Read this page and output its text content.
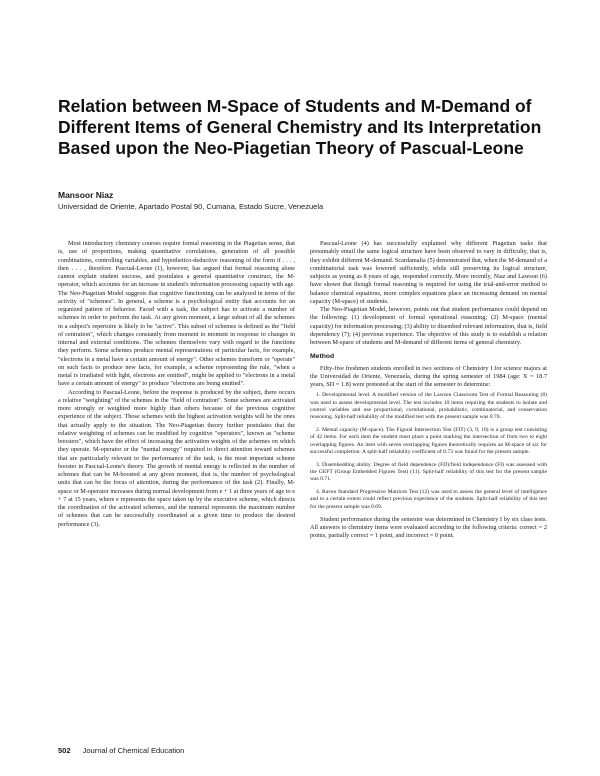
Relation between M-Space of Students and M-Demand of Different Items of General Chemistry and Its Interpretation Based upon the Neo-Piagetian Theory of Pascual-Leone
Mansoor Niaz
Universidad de Oriente, Apartado Postal 90, Cumana, Estado Sucre, Venezuela

Most introductory chemistry courses require formal reasoning in the Piagetian sense, that is, use of proportions, making quantitative correlations, generation of all possible combinations, controlling variables, and hypothetico-deductive reasoning of the form if . . . , then . . . , therefore. Pascual-Leone (1), however, has argued that formal reasoning alone cannot explain student success, and postulates a general quantitative construct, the M-operator, which accounts for an increase in student's information processing capacity with age. The Neo-Piagetian Model suggests that cognitive functioning can be analyzed in terms of the activity of "schemes". In general, a scheme is a psychological entity that accounts for an organized pattern of behavior. Faced with a task, the subject has to activate a number of schemes in order to perform the task. At any given moment, a large subset of all the schemes in a subject's repertoire is likely to be "active". This subset of schemes is defined as the "field of centration", which changes constantly from moment to moment in response to changes in internal and external conditions. The schemes themselves vary with regard to the functions they perform. Some schemes produce mental representations of particular facts, for example, "electrons in a metal have a certain amount of energy". Other schemes transform or "operate" on such facts to produce new facts, for example, a scheme representing the rule, "when a metal is irradiated with light, electrons are emitted", might be applied to "electrons in a metal have a certain amount of energy" to produce "electrons are being emitted".

According to Pascual-Leone, before the response is produced by the subject, there occurs a relative "weighting" of the schemes in the "field of centration". Some schemes are activated more strongly or weighted more highly than others because of the previous cognitive experience of the subject. Those schemes with the highest activation weights will be the ones that actually apply to the situation. The Neo-Piagetian theory further postulates that the relative weighting of schemes can be modified by cognitive "operators", known as "scheme boosters", which have the effect of increasing the activation weights of the schemes on which they operate. M-operator or the "mental energy" required to direct attention toward schemes that are particularly relevant to the performance of the task, is the most important scheme booster in Pascual-Leone's theory. The growth of mental energy is reflected in the number of schemes that can be M-boosted at any given moment, that is, the number of psychological units that can be the focus of attention, during the performance of the task (2). Finally, M-space or M-operator increases during normal development from e + 1 at three years of age to e + 7 at 15 years, where e represents the space taken up by the executive scheme, which directs the coordination of the activated schemes, and the numeral represents the maximum number of schemes that can be successfully coordinated at a given time to produce the desired performance (3).

Pascual-Leone (4) has successfully explained why different Piagetian tasks that presumably entail the same logical structure have been observed to vary in difficulty, that is, they exhibit different M-demand. Scardamalia (5) demonstrated that, when the M-demand of a combinatorial task was lowered sufficiently, while still preserving its logical structure, subjects as young as 8 years of age, responded correctly. More recently, Niaz and Lawson (6) have shown that though formal reasoning is required for using the trial-and-error method to balance chemical equations, more complex equations place an increasing demand on mental capacity (M-space) of students.

The Neo-Piagetian Model, however, points out that student performance could depend on the following: (1) development of formal operational reasoning; (2) M-space (mental capacity) for information processing; (3) ability to disembed relevant information, that is, field dependency (7); (4) previous experience. The objective of this study is to establish a relation between M-space of students and M-demand of different items of general chemistry.

Method

Fifty-five freshmen students enrolled in two sections of Chemistry I for science majors at the Universidad de Oriente, Venezuela, during the spring semester of 1984 (age: X = 18.7 years, SD = 1.8) were pretested at the start of the semester to determine:

1. Developmental level. A modified version of the Lawson Classroom Test of Formal Reasoning (8) was used to assess developmental level. The test includes 10 items requiring the students to isolate and control variables and use proportional, correlational, probabilistic, combinatorial, and conservation reasoning. Split-half reliability of the modified test with the present sample was 0.70.
2. Mental capacity (M-space). The Figural Intersection Test (FIT) (3, 9, 10) is a group test consisting of 42 items. For each item the student must place a point marking the intersection of from two to eight overlapping figures. An item with seven overlapping figures theoretically requires an M-space of six for successful completion. A split-half reliability coefficient of 0.73 was found for the present sample.
3. Disembedding ability. Degree of field dependence (FD)/field independence (FI) was assessed with the GEFT (Group Embedded Figures Test) (11). Split-half reliability of this test for the present sample was 0.71.
4. Raven Standard Progressive Matrices Test (12) was used to assess the general level of intelligence and to a certain extent could reflect previous experience of the students. Split-half reliability of this test for the present sample was 0.69.

Student performance during the semester was determined in Chemistry I by six class tests. All answers to chemistry items were evaluated according to the following criteria: correct = 2 points, partially correct = 1 point, and incorrect = 0 point.

502 Journal of Chemical Education
